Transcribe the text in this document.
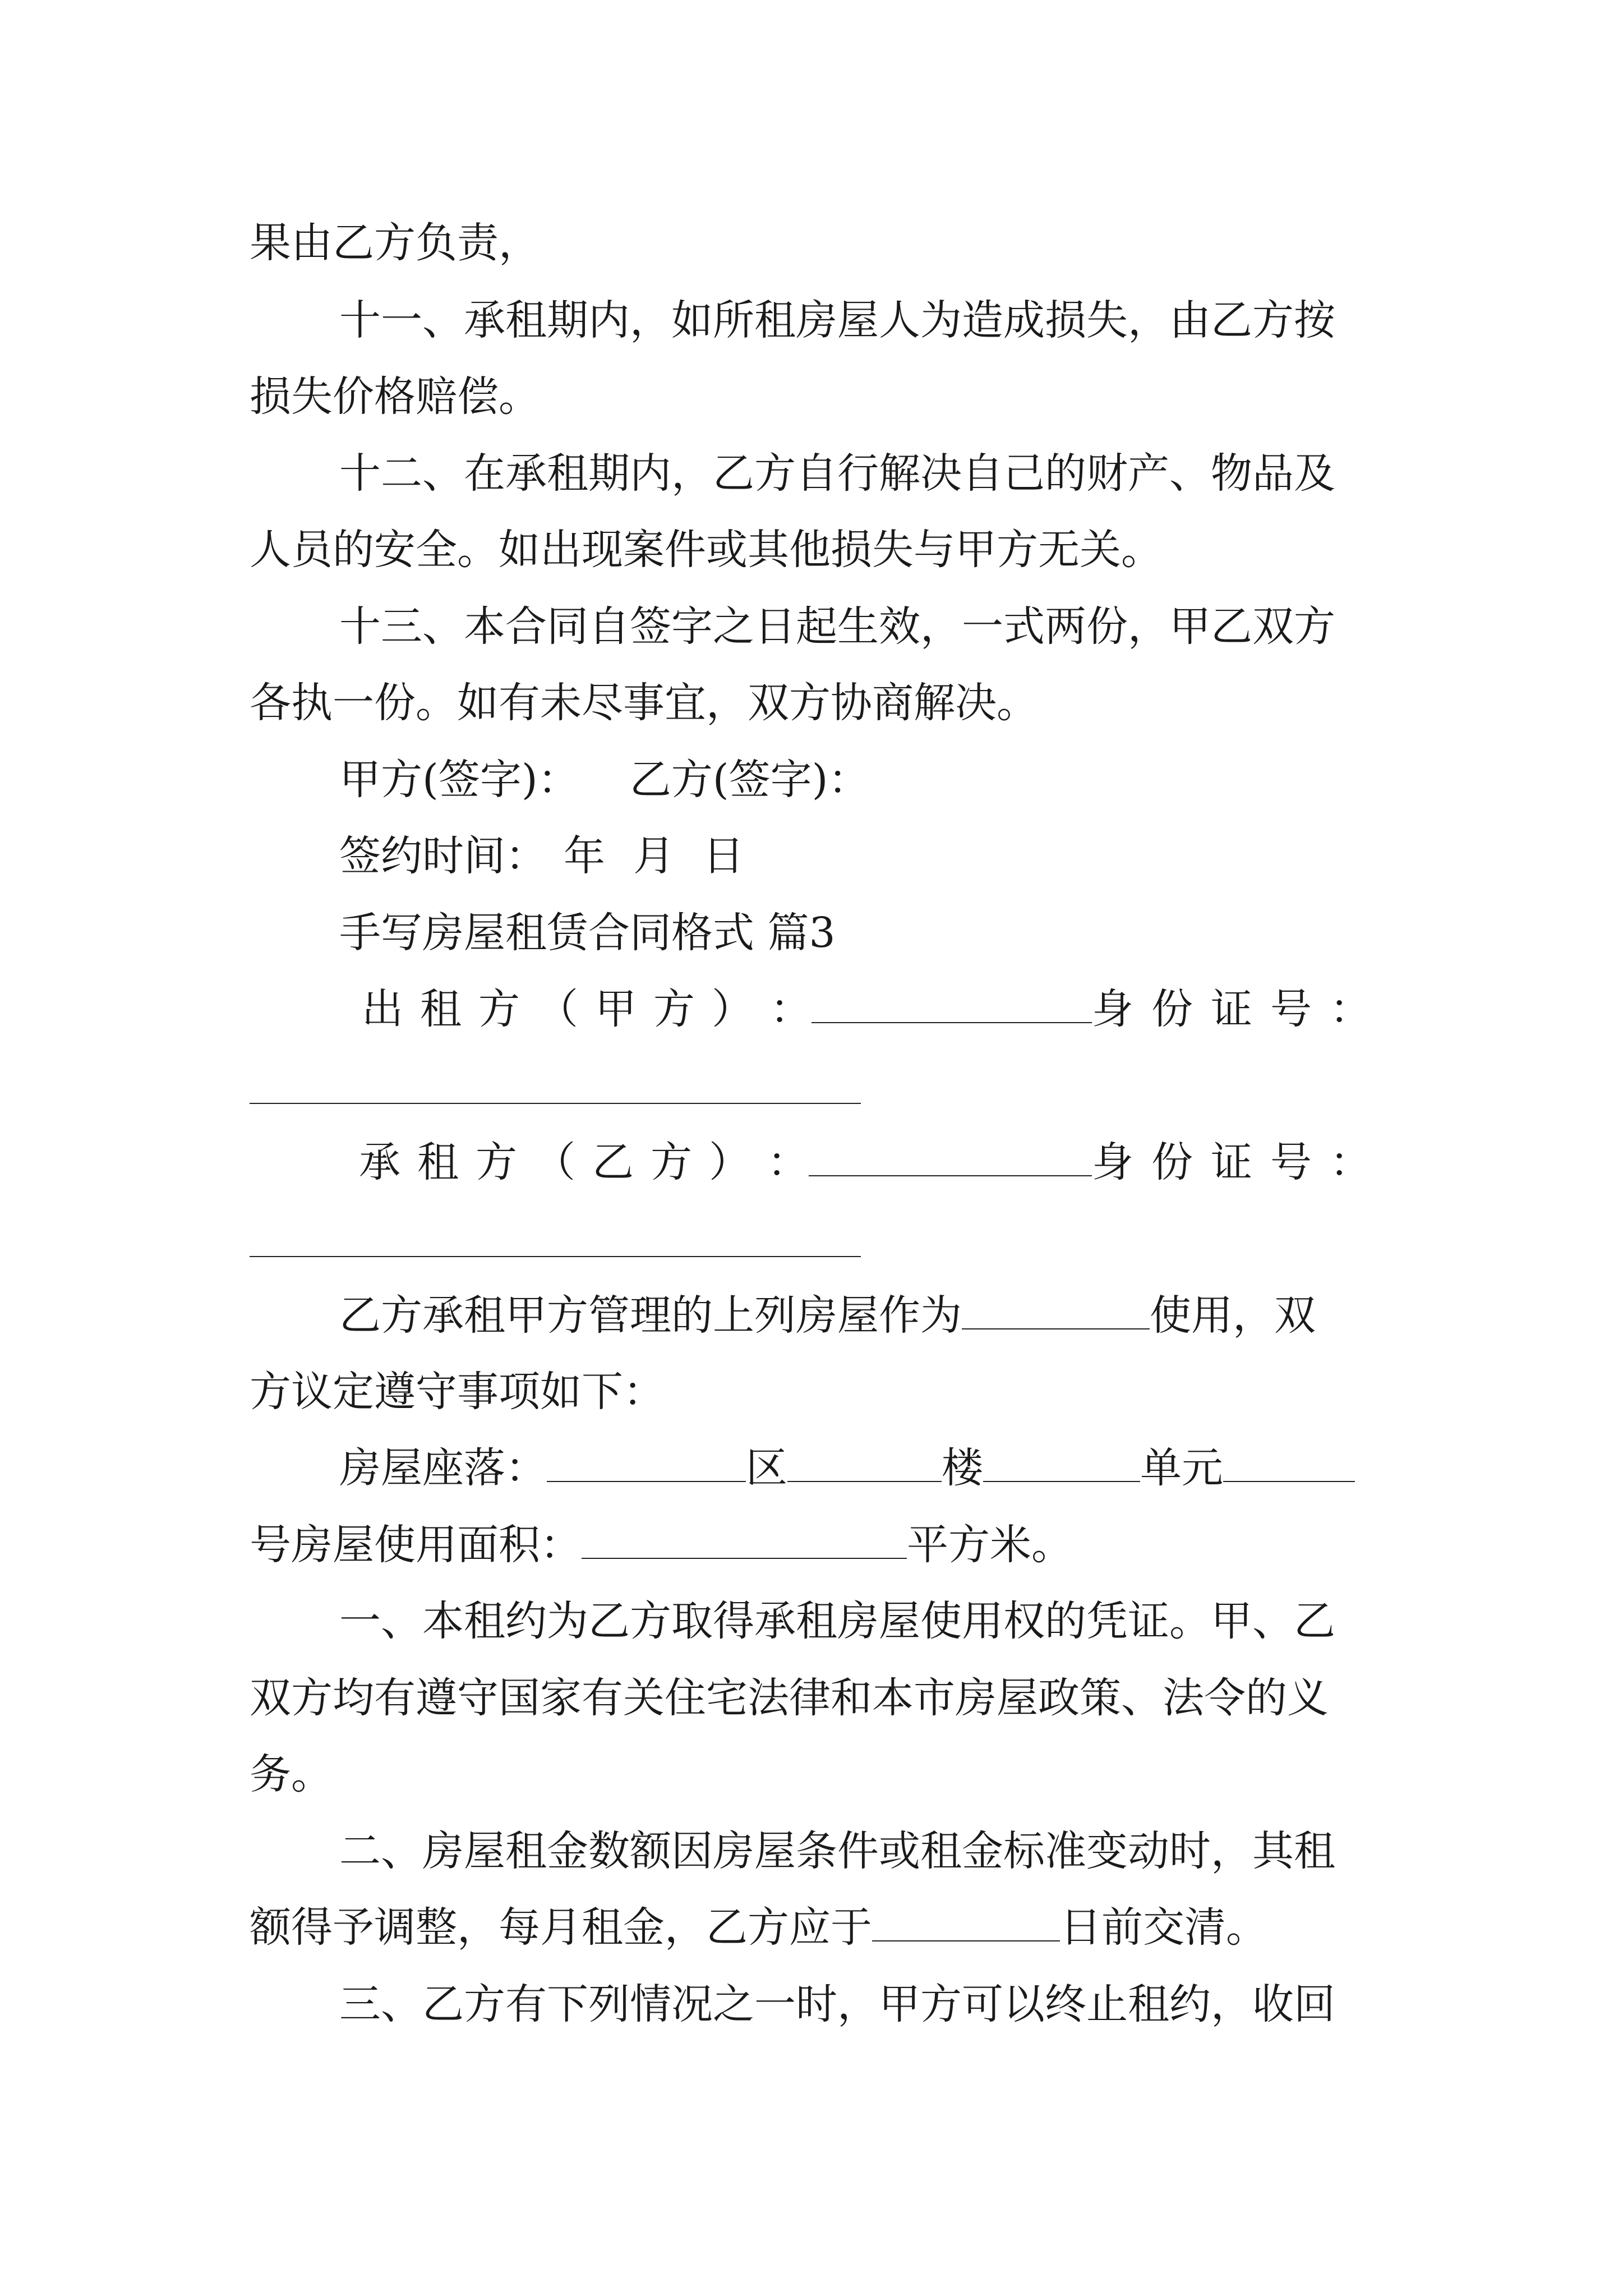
果由乙方负责，
十一、承租期内，如所租房屋人为造成损失，由乙方按
损失价格赔偿。
十二、在承租期内，乙方自行解决自己的财产、物品及
人员的安全。如出现案件或其他损失与甲方无关。
十三、本合同自签字之日起生效，一式两份，甲乙双方
各执一份。如有未尽事宜，双方协商解决。
甲方(签字)： 乙方(签字)：
签约时间： 年 月 日
手写房屋租赁合同格式 篇3
出 租 方 （ 甲 方 ） ：	身 份 证 号 ：
承 租 方 （ 乙 方 ） ：	身 份 证 号 ：
乙方承租甲方管理的上列房屋作为	使用，双
方议定遵守事项如下：
房屋座落：	区	楼	单元
号房屋使用面积：	平方米。
一、本租约为乙方取得承租房屋使用权的凭证。甲、乙
双方均有遵守国家有关住宅法律和本市房屋政策、法令的义
务。
二、房屋租金数额因房屋条件或租金标准变动时，其租
额得予调整，每月租金，乙方应于	日前交清。
三、乙方有下列情况之一时，甲方可以终止租约，收回
